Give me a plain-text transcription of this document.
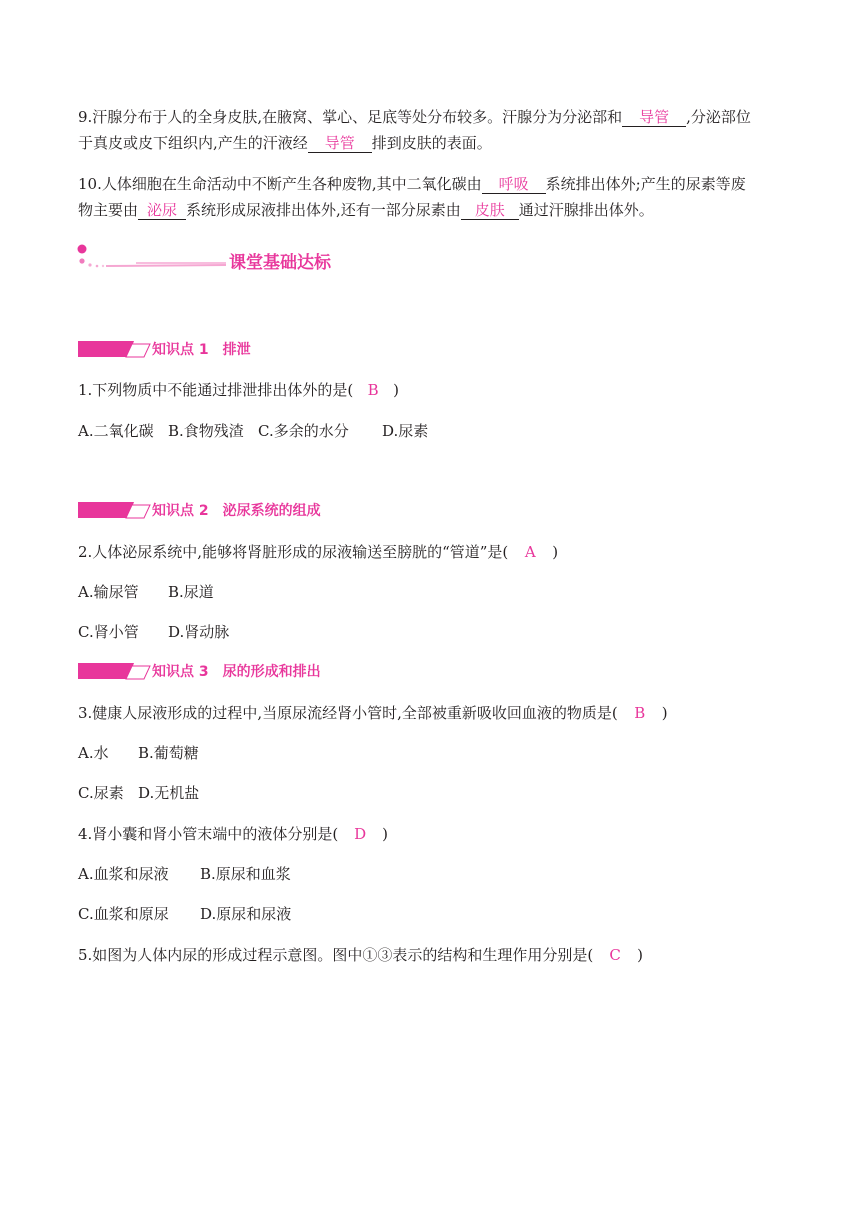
9.汗腺分布于人的全身皮肤,在腋窝、掌心、足底等处分布较多。汗腺分为分泌部和 导管 ,分泌部位
于真皮或皮下组织内,产生的汗液经 导管 排到皮肤的表面。
10.人体细胞在生命活动中不断产生各种废物,其中二氧化碳由 呼吸 系统排出体外;产生的尿素等废
物主要由 泌尿 系统形成尿液排出体外,还有一部分尿素由 皮肤 通过汗腺排出体外。
课堂基础达标
知识点 1 排泄
1.下列物质中不能通过排泄排出体外的是( B )
A.二氧化碳 B.食物残渣 C.多余的水分 D.尿素
知识点 2 泌尿系统的组成
2.人体泌尿系统中,能够将肾脏形成的尿液输送至膀胱的“管道”是( A )
A.输尿管 B.尿道
C.肾小管 D.肾动脉
知识点 3 尿的形成和排出
3.健康人尿液形成的过程中,当原尿流经肾小管时,全部被重新吸收回血液的物质是( B )
A.水 B.葡萄糖
C.尿素 D.无机盐
4.肾小囊和肾小管末端中的液体分别是( D )
A.血浆和尿液 B.原尿和血浆
C.血浆和原尿 D.原尿和尿液
5.如图为人体内尿的形成过程示意图。图中①③表示的结构和生理作用分别是( C )
